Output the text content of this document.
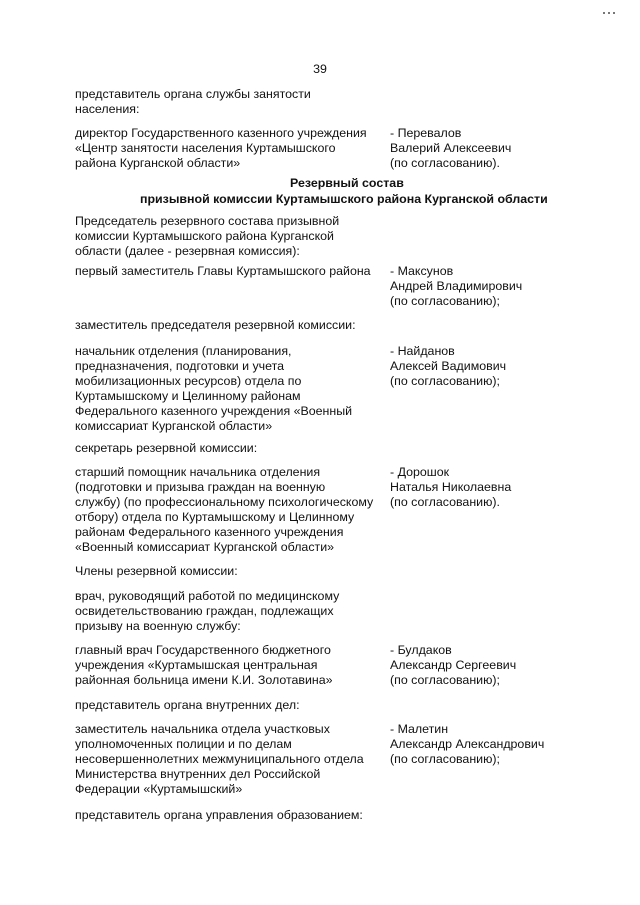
39
представитель органа службы занятости
населения:
директор Государственного казенного учреждения
«Центр занятости населения Куртамышского
района Курганской области»
- Перевалов
Валерий Алексеевич
(по согласованию).
Резервный состав
призывной комиссии Куртамышского района Курганской области
Председатель резервного состава призывной
комиссии Куртамышского района Курганской
области (далее - резервная комиссия):
первый заместитель Главы Куртамышского района	- Максунов
Андрей Владимирович
(по согласованию);
заместитель председателя резервной комиссии:
начальник отделения (планирования,
предназначения, подготовки и учета
мобилизационных ресурсов) отдела по
Куртамышскому и Целинному районам
Федерального казенного учреждения «Военный
комиссариат Курганской области»
- Найданов
Алексей Вадимович
(по согласованию);
секретарь резервной комиссии:
старший помощник начальника отделения
(подготовки и призыва граждан на военную
службу) (по профессиональному психологическому
отбору) отдела по Куртамышскому и Целинному
районам Федерального казенного учреждения
«Военный комиссариат Курганской области»
- Дорошок
Наталья Николаевна
(по согласованию).
Члены резервной комиссии:
врач, руководящий работой по медицинскому
освидетельствованию граждан, подлежащих
призыву на военную службу:
главный врач Государственного бюджетного
учреждения «Куртамышская центральная
районная больница имени К.И. Золотавина»
- Булдаков
Александр Сергеевич
(по согласованию);
представитель органа внутренних дел:
заместитель начальника отдела участковых
уполномоченных полиции и по делам
несовершеннолетних межмуниципального отдела
Министерства внутренних дел Российской
Федерации «Куртамышский»
- Малетин
Александр Александрович
(по согласованию);
представитель органа управления образованием:
